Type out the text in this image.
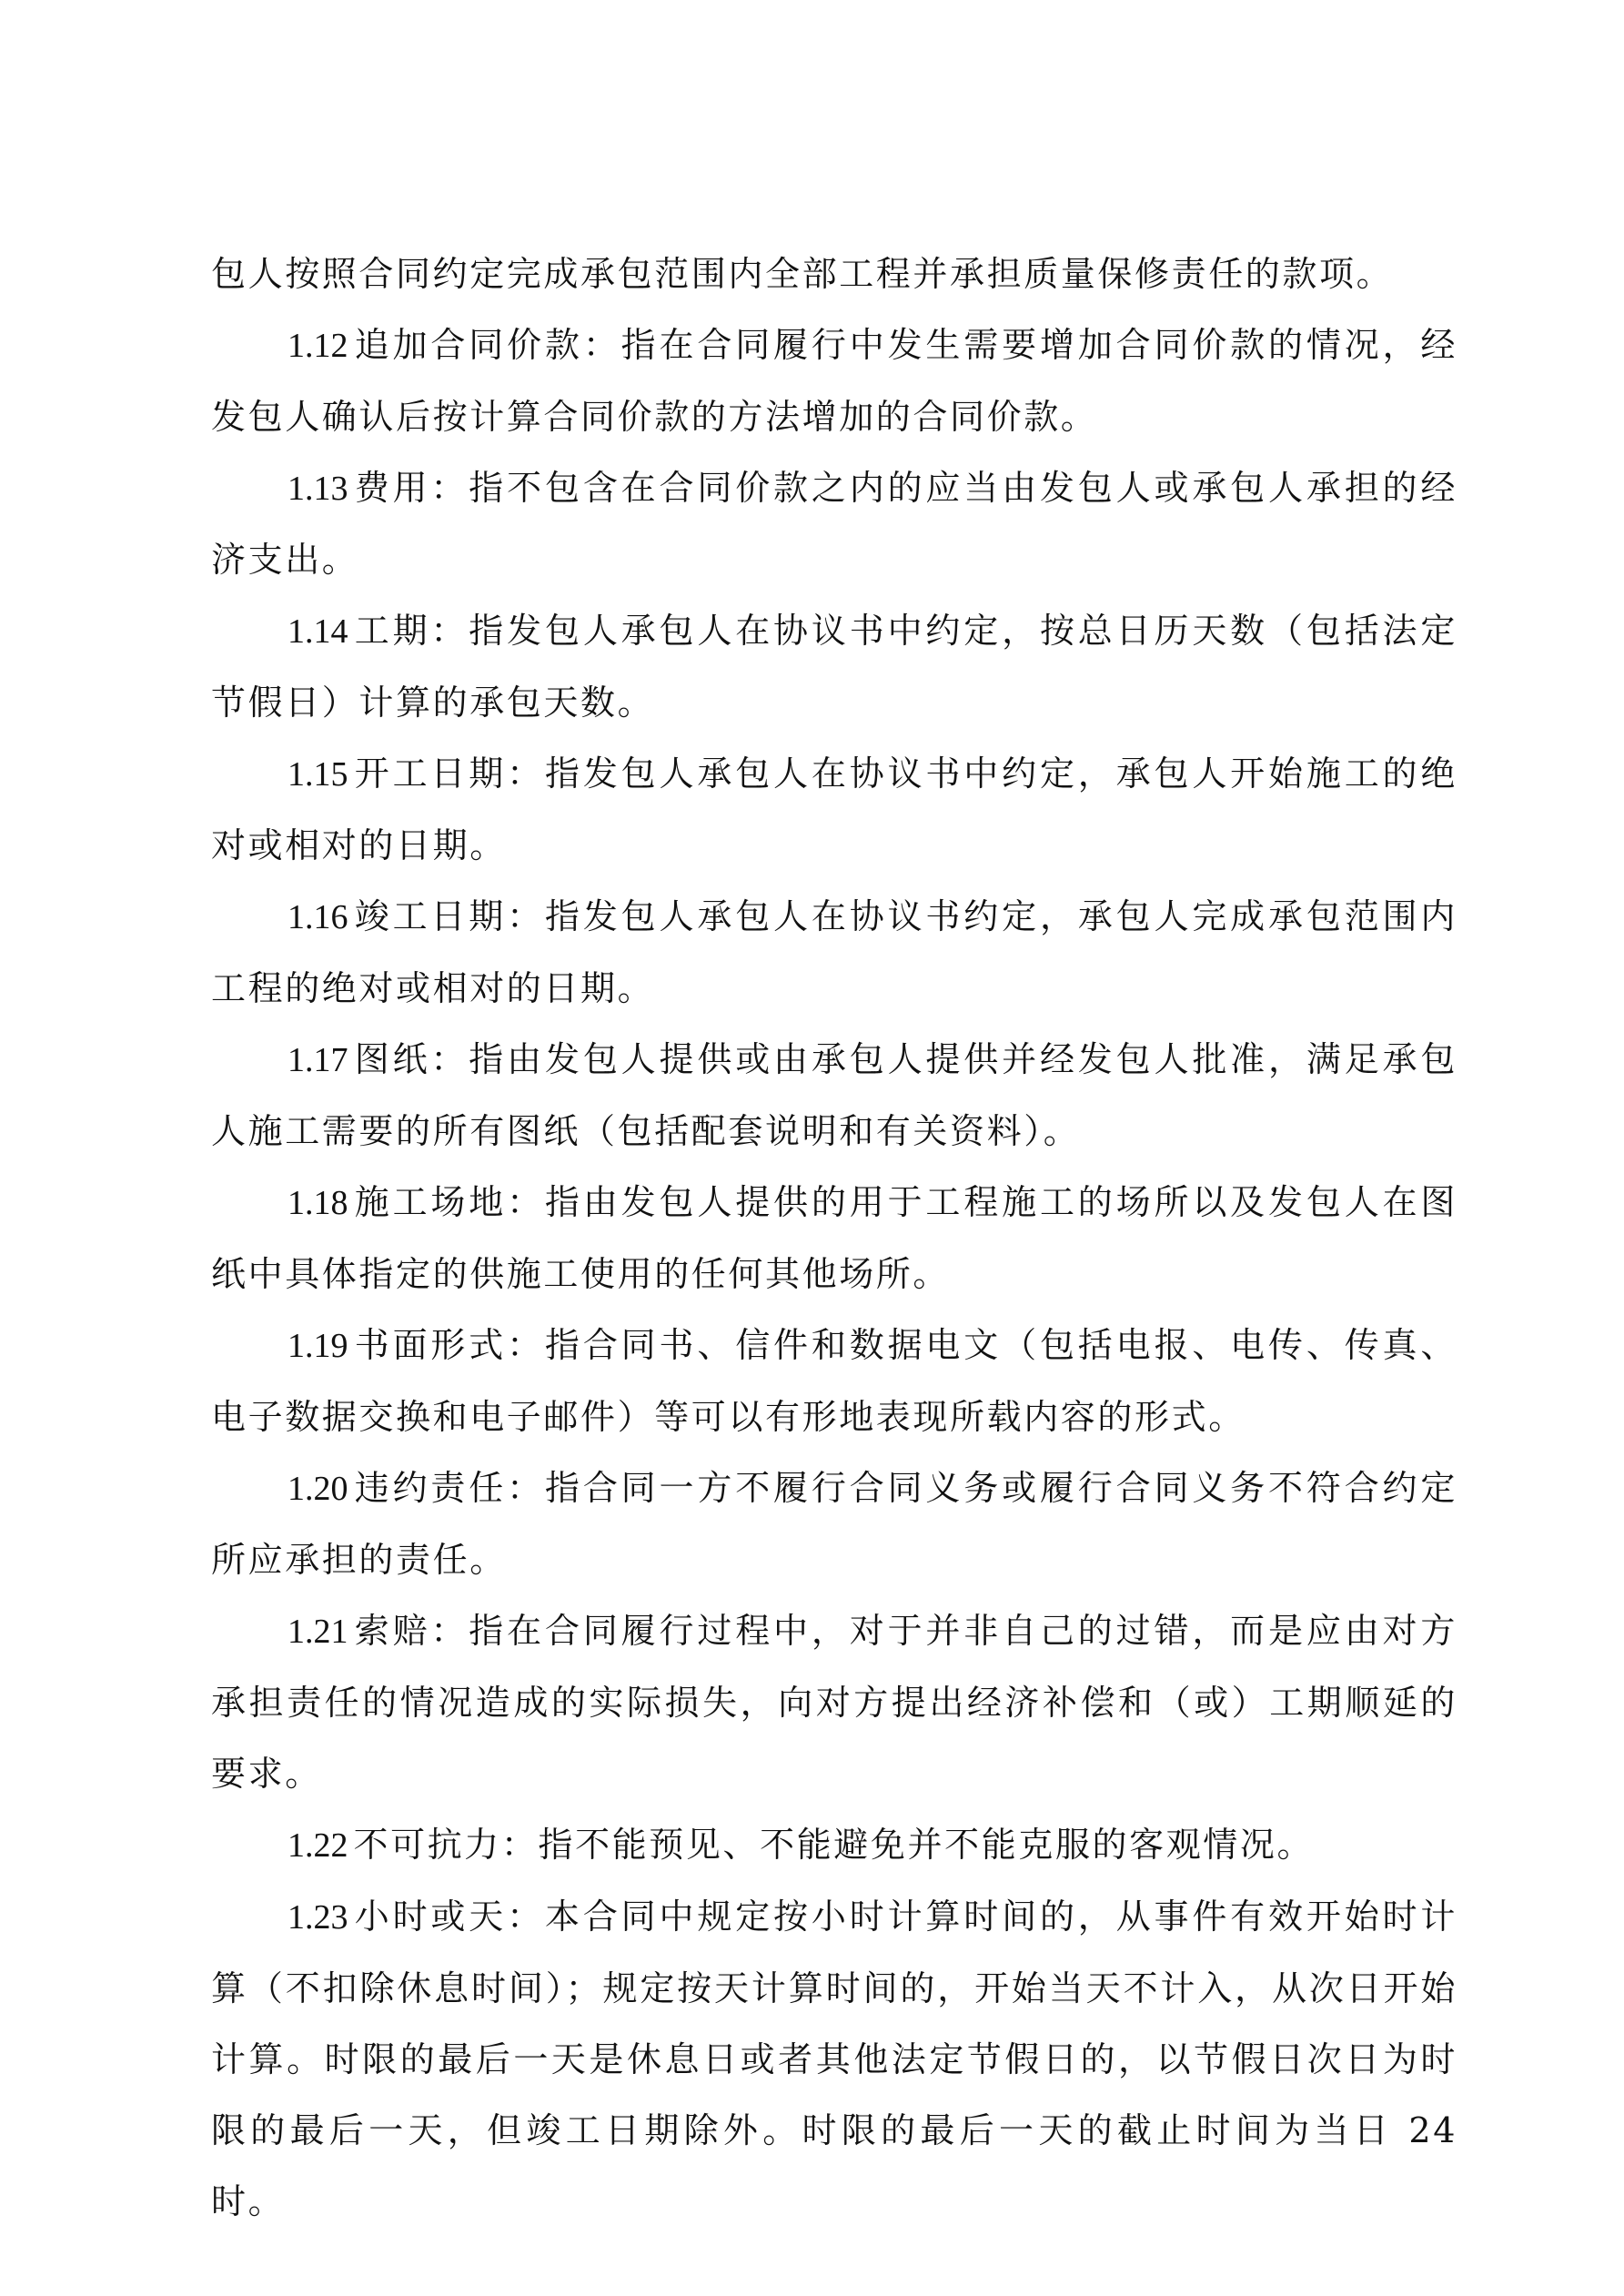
包人按照合同约定完成承包范围内全部工程并承担质量保修责任的款项。

1.12 追加合同价款：指在合同履行中发生需要增加合同价款的情况，经发包人确认后按计算合同价款的方法增加的合同价款。

1.13 费用：指不包含在合同价款之内的应当由发包人或承包人承担的经济支出。

1.14 工期：指发包人承包人在协议书中约定，按总日历天数（包括法定节假日）计算的承包天数。

1.15 开工日期：指发包人承包人在协议书中约定，承包人开始施工的绝对或相对的日期。

1.16 竣工日期：指发包人承包人在协议书约定，承包人完成承包范围内工程的绝对或相对的日期。

1.17 图纸：指由发包人提供或由承包人提供并经发包人批准，满足承包人施工需要的所有图纸（包括配套说明和有关资料）。

1.18 施工场地：指由发包人提供的用于工程施工的场所以及发包人在图纸中具体指定的供施工使用的任何其他场所。

1.19 书面形式：指合同书、信件和数据电文（包括电报、电传、传真、电子数据交换和电子邮件）等可以有形地表现所载内容的形式。

1.20 违约责任：指合同一方不履行合同义务或履行合同义务不符合约定所应承担的责任。

1.21 索赔：指在合同履行过程中，对于并非自己的过错，而是应由对方承担责任的情况造成的实际损失，向对方提出经济补偿和（或）工期顺延的要求。

1.22 不可抗力：指不能预见、不能避免并不能克服的客观情况。

1.23 小时或天：本合同中规定按小时计算时间的，从事件有效开始时计算（不扣除休息时间）；规定按天计算时间的，开始当天不计入，从次日开始计算。时限的最后一天是休息日或者其他法定节假日的，以节假日次日为时限的最后一天，但竣工日期除外。时限的最后一天的截止时间为当日 24 时。
